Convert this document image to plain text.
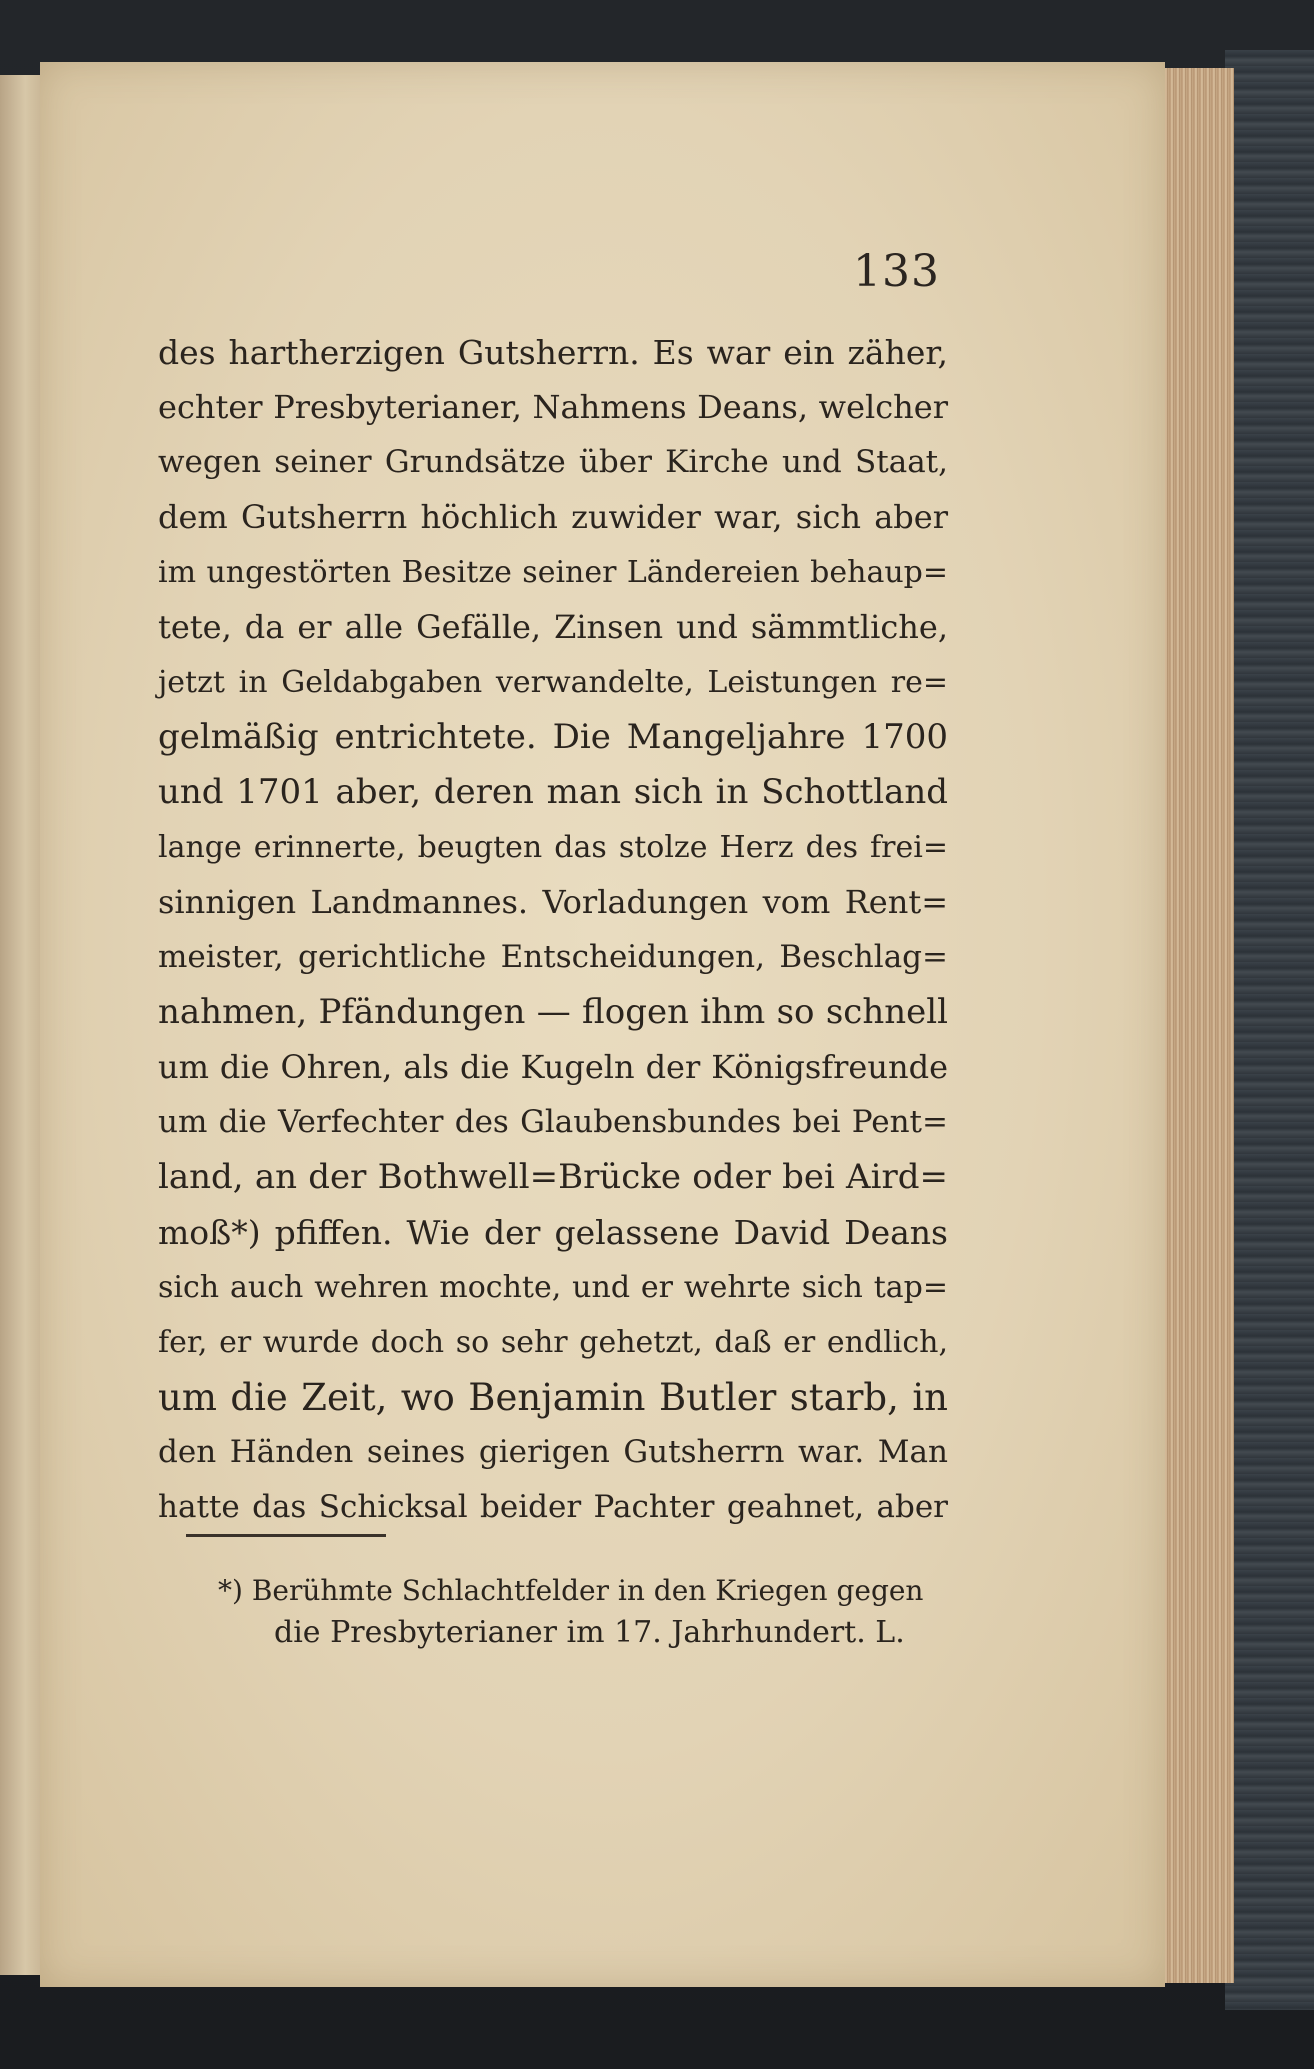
133
des hartherzigen Gutsherrn. Es war ein zäher,
echter Presbyterianer, Nahmens Deans, welcher
wegen seiner Grundsätze über Kirche und Staat,
dem Gutsherrn höchlich zuwider war, sich aber
im ungestörten Besitze seiner Ländereien behaup=
tete, da er alle Gefälle, Zinsen und sämmtliche,
jetzt in Geldabgaben verwandelte, Leistungen re=
gelmäßig entrichtete. Die Mangeljahre 1700
und 1701 aber, deren man sich in Schottland
lange erinnerte, beugten das stolze Herz des frei=
sinnigen Landmannes. Vorladungen vom Rent=
meister, gerichtliche Entscheidungen, Beschlag=
nahmen, Pfändungen — flogen ihm so schnell
um die Ohren, als die Kugeln der Königsfreunde
um die Verfechter des Glaubensbundes bei Pent=
land, an der Bothwell=Brücke oder bei Aird=
moß*) pfiffen. Wie der gelassene David Deans
sich auch wehren mochte, und er wehrte sich tap=
fer, er wurde doch so sehr gehetzt, daß er endlich,
um die Zeit, wo Benjamin Butler starb, in
den Händen seines gierigen Gutsherrn war. Man
hatte das Schicksal beider Pachter geahnet, aber
*) Berühmte Schlachtfelder in den Kriegen gegen
die Presbyterianer im 17. Jahrhundert. L.
